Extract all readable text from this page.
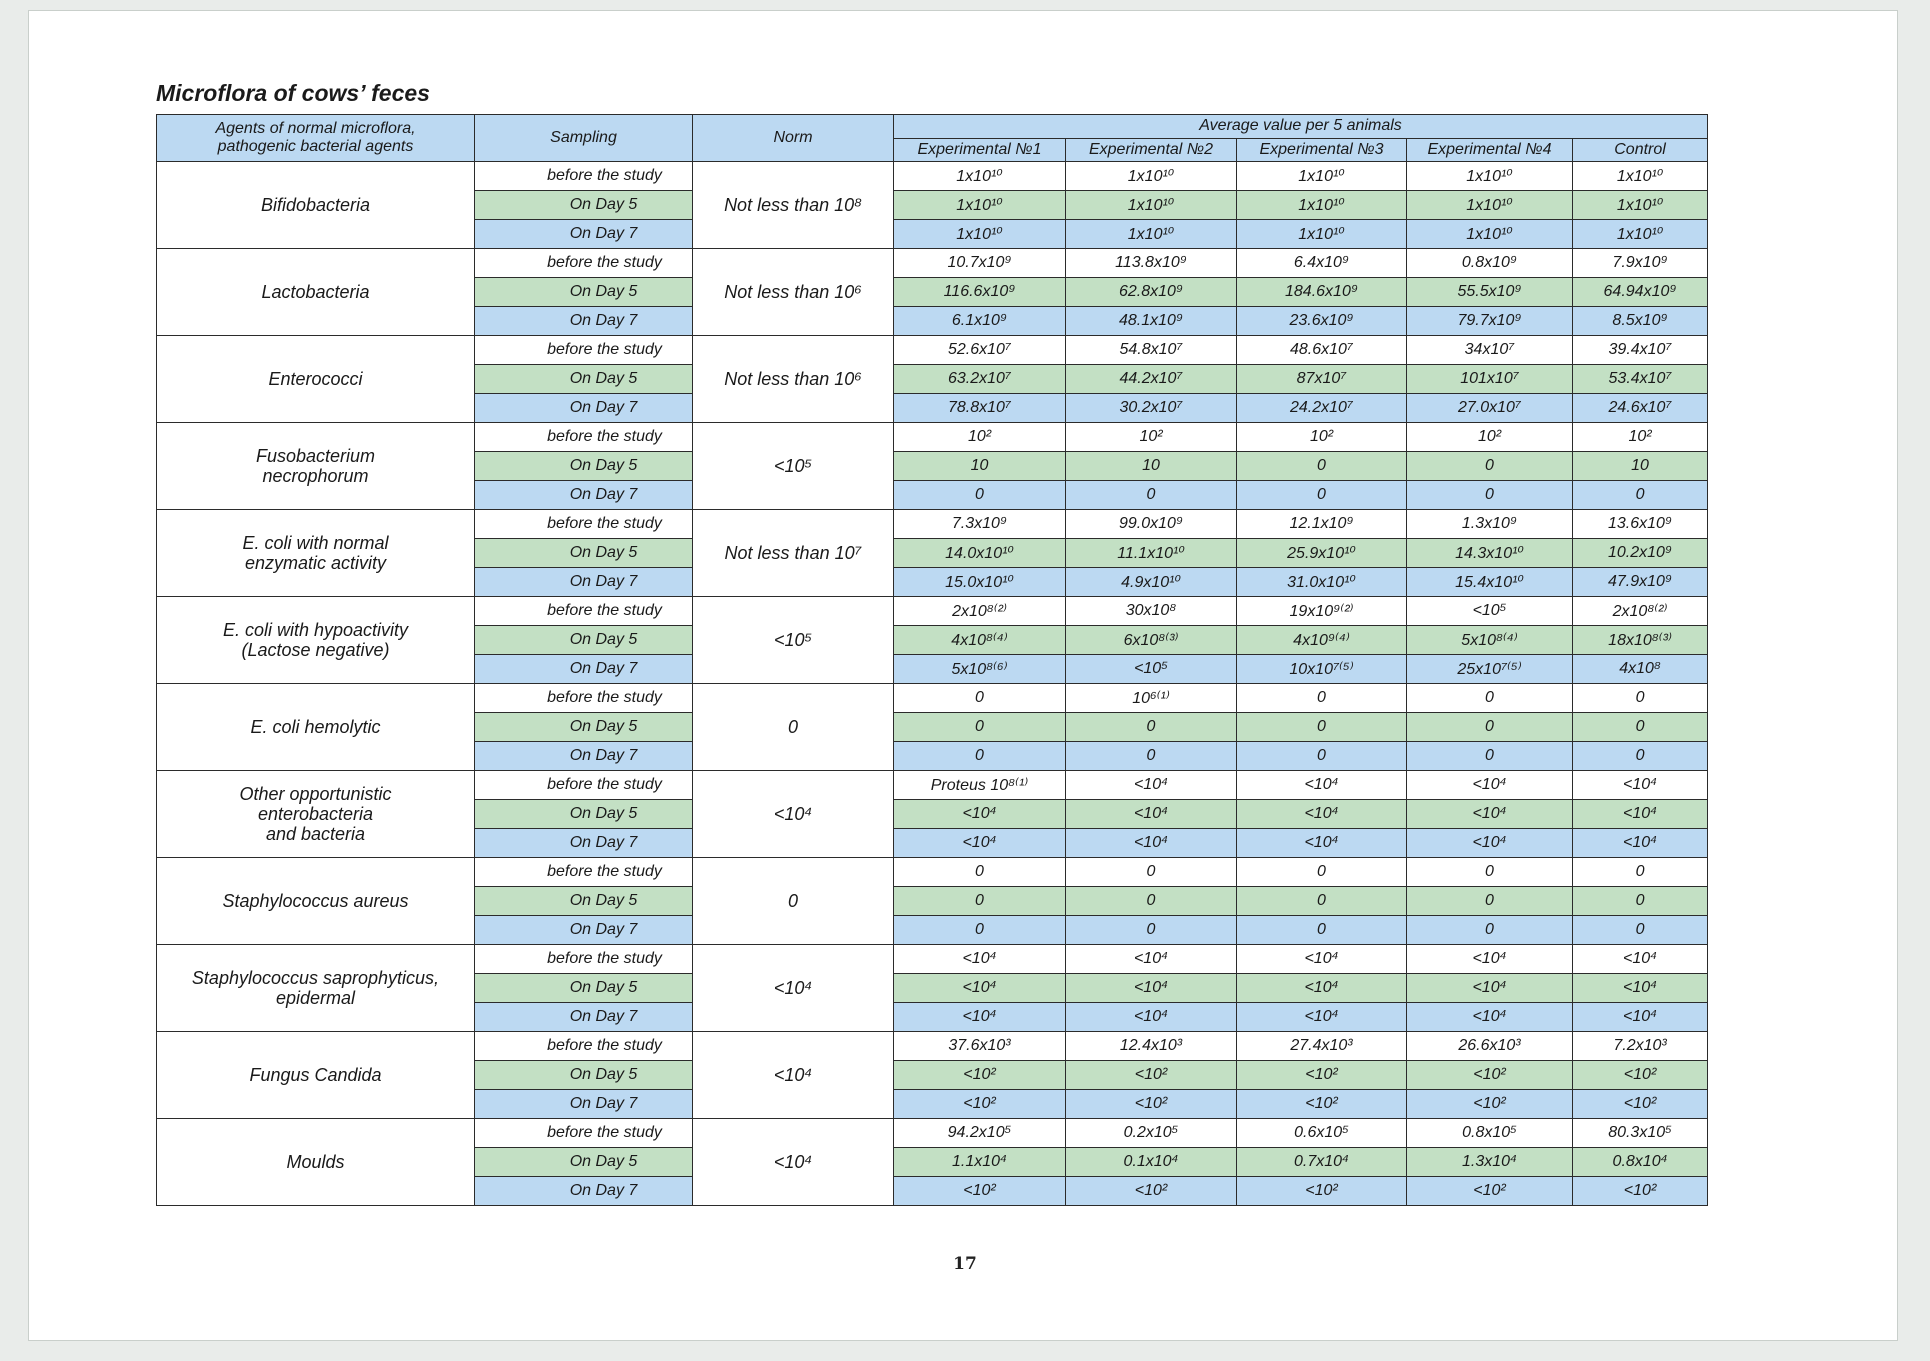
Microflora of cows’ feces
Agents of normal microflora,
pathogenic bacterial agents	Sampling	Norm	Average value per 5 animals				
			Experimental №1	Experimental №2	Experimental №3	Experimental №4	Control
Bifidobacteria	before the study	Not less than 10⁸	1x10¹⁰	1x10¹⁰	1x10¹⁰	1x10¹⁰	1x10¹⁰
	On Day 5		1x10¹⁰	1x10¹⁰	1x10¹⁰	1x10¹⁰	1x10¹⁰
	On Day 7		1x10¹⁰	1x10¹⁰	1x10¹⁰	1x10¹⁰	1x10¹⁰
Lactobacteria	before the study	Not less than 10⁶	10.7x10⁹	113.8x10⁹	6.4x10⁹	0.8x10⁹	7.9x10⁹
	On Day 5		116.6x10⁹	62.8x10⁹	184.6x10⁹	55.5x10⁹	64.94x10⁹
	On Day 7		6.1x10⁹	48.1x10⁹	23.6x10⁹	79.7x10⁹	8.5x10⁹
Enterococci	before the study	Not less than 10⁶	52.6x10⁷	54.8x10⁷	48.6x10⁷	34x10⁷	39.4x10⁷
	On Day 5		63.2x10⁷	44.2x10⁷	87x10⁷	101x10⁷	53.4x10⁷
	On Day 7		78.8x10⁷	30.2x10⁷	24.2x10⁷	27.0x10⁷	24.6x10⁷
Fusobacterium
necrophorum	before the study	<10⁵	10²	10²	10²	10²	10²
	On Day 5		10	10	0	0	10
	On Day 7		0	0	0	0	0
E. coli with normal
enzymatic activity	before the study	Not less than 10⁷	7.3x10⁹	99.0x10⁹	12.1x10⁹	1.3x10⁹	13.6x10⁹
	On Day 5		14.0x10¹⁰	11.1x10¹⁰	25.9x10¹⁰	14.3x10¹⁰	10.2x10⁹
	On Day 7		15.0x10¹⁰	4.9x10¹⁰	31.0x10¹⁰	15.4x10¹⁰	47.9x10⁹
E. coli with hypoactivity
(Lactose negative)	before the study	<10⁵	2x10⁸⁽²⁾	30x10⁸	19x10⁹⁽²⁾	<10⁵	2x10⁸⁽²⁾
	On Day 5		4x10⁸⁽⁴⁾	6x10⁸⁽³⁾	4x10⁹⁽⁴⁾	5x10⁸⁽⁴⁾	18x10⁸⁽³⁾
	On Day 7		5x10⁸⁽⁶⁾	<10⁵	10x10⁷⁽⁵⁾	25x10⁷⁽⁵⁾	4x10⁸
E. coli hemolytic	before the study	0	0	10⁶⁽¹⁾	0	0	0
	On Day 5		0	0	0	0	0
	On Day 7		0	0	0	0	0
Other opportunistic
enterobacteria
and bacteria	before the study	<10⁴	Proteus 10⁸⁽¹⁾	<10⁴	<10⁴	<10⁴	<10⁴
	On Day 5		<10⁴	<10⁴	<10⁴	<10⁴	<10⁴
	On Day 7		<10⁴	<10⁴	<10⁴	<10⁴	<10⁴
Staphylococcus aureus	before the study	0	0	0	0	0	0
	On Day 5		0	0	0	0	0
	On Day 7		0	0	0	0	0
Staphylococcus saprophyticus,
epidermal	before the study	<10⁴	<10⁴	<10⁴	<10⁴	<10⁴	<10⁴
	On Day 5		<10⁴	<10⁴	<10⁴	<10⁴	<10⁴
	On Day 7		<10⁴	<10⁴	<10⁴	<10⁴	<10⁴
Fungus Candida	before the study	<10⁴	37.6x10³	12.4x10³	27.4x10³	26.6x10³	7.2x10³
	On Day 5		<10²	<10²	<10²	<10²	<10²
	On Day 7		<10²	<10²	<10²	<10²	<10²
Moulds	before the study	<10⁴	94.2x10⁵	0.2x10⁵	0.6x10⁵	0.8x10⁵	80.3x10⁵
	On Day 5		1.1x10⁴	0.1x10⁴	0.7x10⁴	1.3x10⁴	0.8x10⁴
	On Day 7		<10²	<10²	<10²	<10²	<10²
17
